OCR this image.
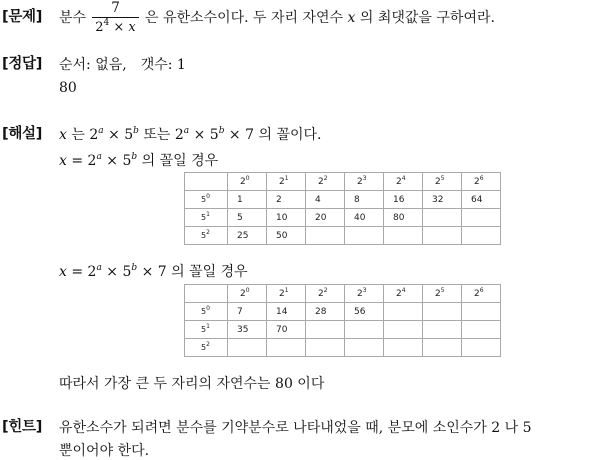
[문제] 분수
7
$2^4 \times x$
은 유한소수이다. 두 자리 자연수 x 의 최댓값을 구하여라.
[정답] 순서: 없음,　갯수: 1
80
[해설] x 는 $2^a \times 5^b$ 또는 $2^a \times 5^b \times 7$ 의 꼴이다.
$x = 2^a \times 5^b$ 의 꼴일 경우
	$2^0$	$2^1$	$2^2$	$2^3$	$2^4$	$2^5$	$2^6$
$5^0$	1	2	4	8	16	32	64
$5^1$	5	10	20	40	80		
$5^2$	25	50					
$x = 2^a \times 5^b \times 7$ 의 꼴일 경우
	$2^0$	$2^1$	$2^2$	$2^3$	$2^4$	$2^5$	$2^6$
$5^0$	7	14	28	56			
$5^1$	35	70					
$5^2$							
따라서 가장 큰 두 자리의 자연수는 80 이다
[힌트] 유한소수가 되려면 분수를 기약분수로 나타내었을 때, 분모에 소인수가 2 나 5
뿐이어야 한다.
